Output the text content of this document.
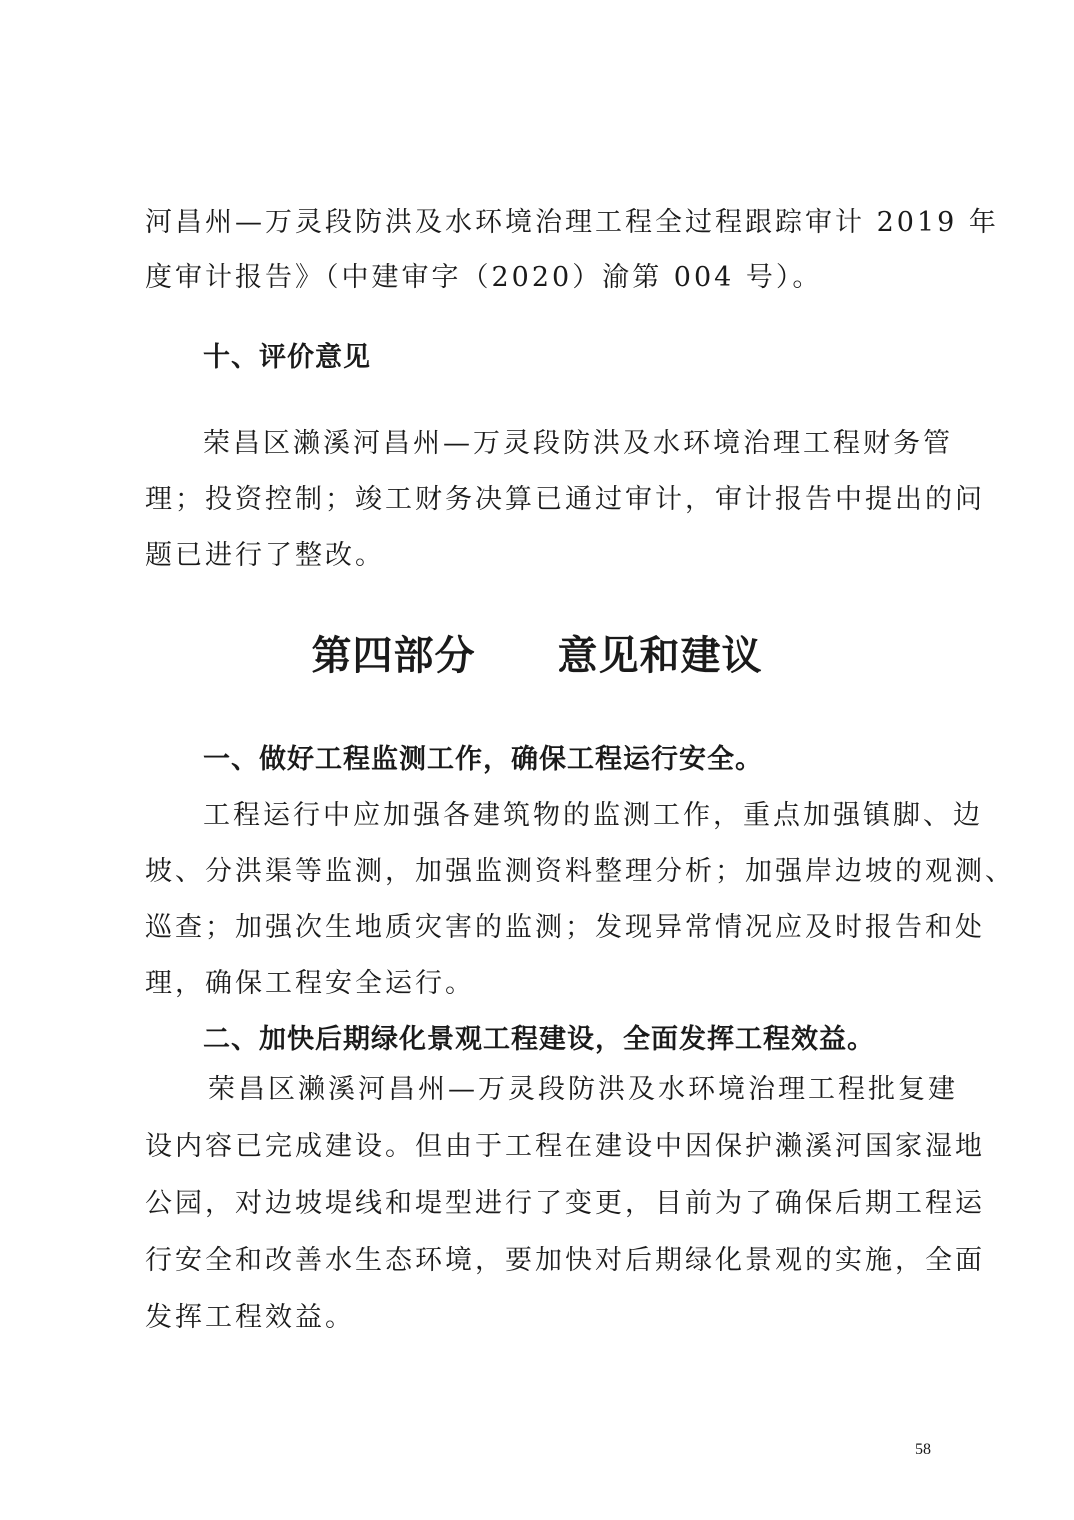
河昌州—万灵段防洪及水环境治理工程全过程跟踪审计 2019 年

度审计报告》（中建审字（2020）渝第 004 号）。

十、评价意见

荣昌区濑溪河昌州—万灵段防洪及水环境治理工程财务管

理；投资控制；竣工财务决算已通过审计，审计报告中提出的问

题已进行了整改。

第四部分　　意见和建议
一、做好工程监测工作，确保工程运行安全。

工程运行中应加强各建筑物的监测工作，重点加强镇脚、边

坡、分洪渠等监测，加强监测资料整理分析；加强岸边坡的观测、

巡查；加强次生地质灾害的监测；发现异常情况应及时报告和处

理，确保工程安全运行。

二、加快后期绿化景观工程建设，全面发挥工程效益。

荣昌区濑溪河昌州—万灵段防洪及水环境治理工程批复建

设内容已完成建设。但由于工程在建设中因保护濑溪河国家湿地

公园，对边坡堤线和堤型进行了变更，目前为了确保后期工程运

行安全和改善水生态环境，要加快对后期绿化景观的实施，全面

发挥工程效益。

58
